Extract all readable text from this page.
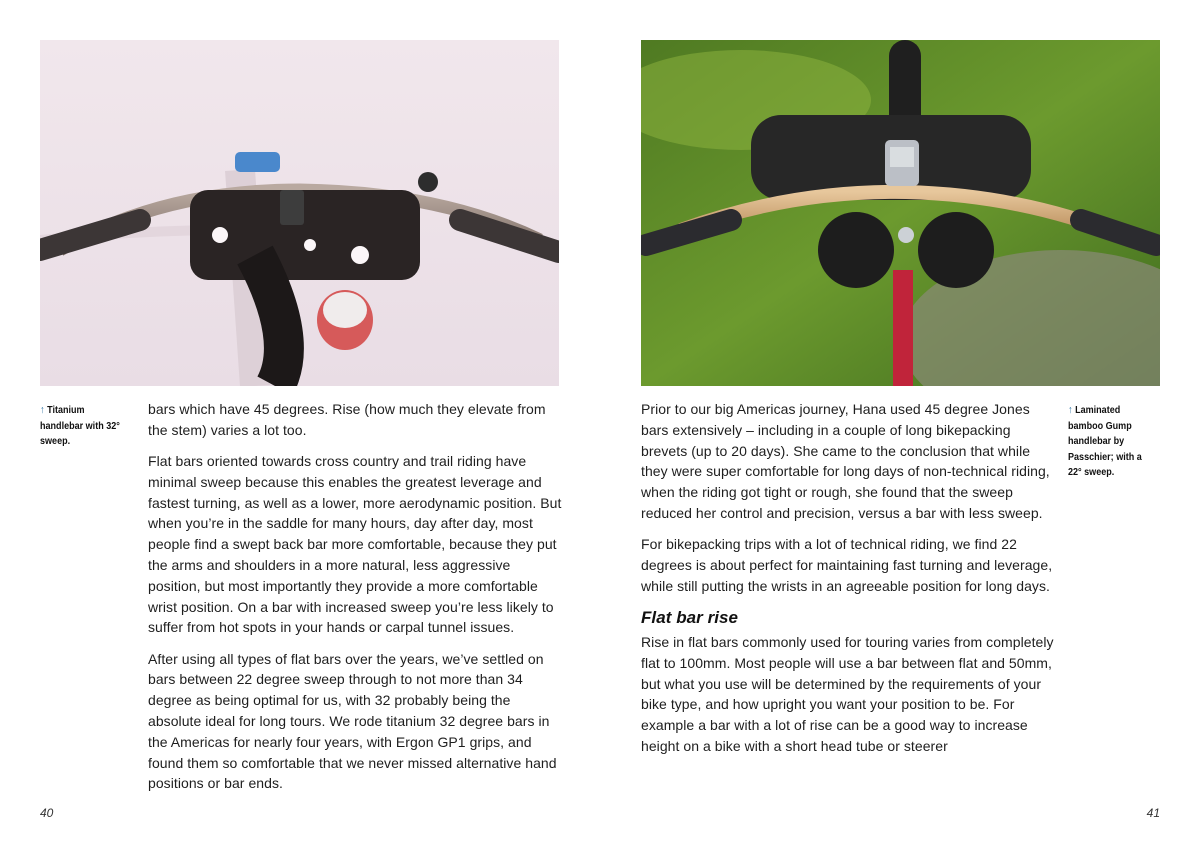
↑ Titanium handlebar with 32° sweep.
↑ Laminated bamboo Gump handlebar by Passchier; with a 22° sweep.

bars which have 45 degrees. Rise (how much they elevate from the stem) varies a lot too.

Flat bars oriented towards cross country and trail riding have minimal sweep because this enables the greatest leverage and fastest turning, as well as a lower, more aerodynamic position. But when you’re in the saddle for many hours, day after day, most people find a swept back bar more comfortable, because they put the arms and shoulders in a more natural, less aggressive position, but most importantly they provide a more comfortable wrist position. On a bar with increased sweep you’re less likely to suffer from hot spots in your hands or carpal tunnel issues.

After using all types of flat bars over the years, we’ve settled on bars between 22 degree sweep through to not more than 34 degree as being optimal for us, with 32 probably being the absolute ideal for long tours. We rode titanium 32 degree bars in the Americas for nearly four years, with Ergon GP1 grips, and found them so comfortable that we never missed alternative hand positions or bar ends.

Prior to our big Americas journey, Hana used 45 degree Jones bars extensively – including in a couple of long bikepacking brevets (up to 20 days). She came to the conclusion that while they were super comfortable for long days of non-technical riding, when the riding got tight or rough, she found that the sweep reduced her control and precision, versus a bar with less sweep.

For bikepacking trips with a lot of technical riding, we find 22 degrees is about perfect for maintaining fast turning and leverage, while still putting the wrists in an agreeable position for long days.

Flat bar rise

Rise in flat bars commonly used for touring varies from completely flat to 100mm. Most people will use a bar between flat and 50mm, but what you use will be determined by the requirements of your bike type, and how upright you want your position to be. For example a bar with a lot of rise can be a good way to increase height on a bike with a short head tube or steerer

40	41
